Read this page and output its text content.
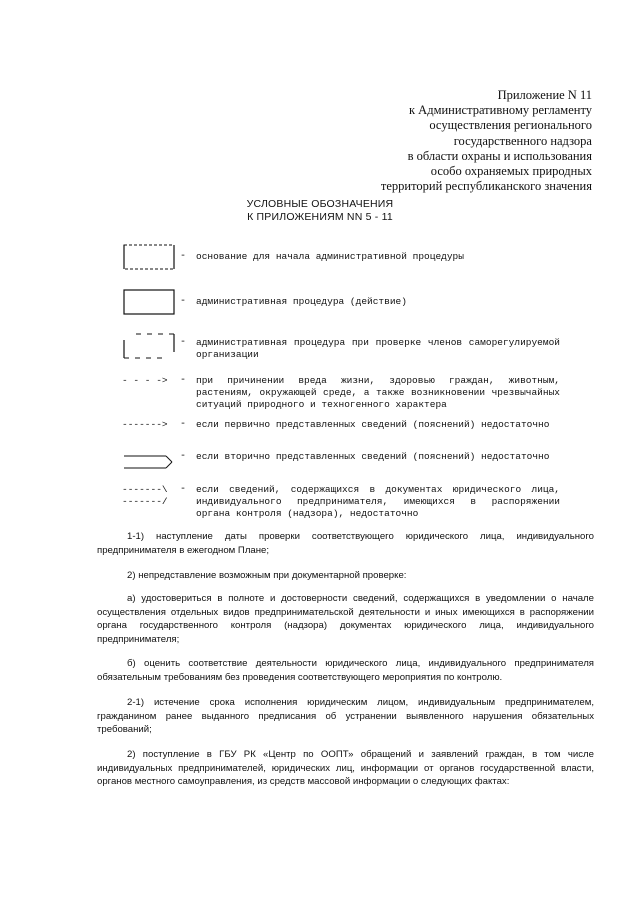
Приложение N 11
к Административному регламенту
осуществления регионального
государственного надзора
в области охраны и использования
особо охраняемых природных
территорий республиканского значения
УСЛОВНЫЕ ОБОЗНАЧЕНИЯ
К ПРИЛОЖЕНИЯМ NN 5 - 11
- основание для начала административной процедуры
- административная процедура (действие)
- административная процедура при проверке членов саморегулируемой организации
- - - -> - при причинении вреда жизни, здоровью граждан, животным, растениям, окружающей среде, а также возникновении чрезвычайных ситуаций природного и техногенного характера
-------> - если первично представленных сведений (пояснений) недостаточно
- если вторично представленных сведений (пояснений) недостаточно
-------\
-------/
- если сведений, содержащихся в документах юридического лица, индивидуального предпринимателя, имеющихся в распоряжении органа контроля (надзора), недостаточно
1-1) наступление даты проверки соответствующего юридического лица, индивидуального предпринимателя в ежегодном Плане;
2) непредставление возможным при документарной проверке:
а) удостовериться в полноте и достоверности сведений, содержащихся в уведомлении о начале осуществления отдельных видов предпринимательской деятельности и иных имеющихся в распоряжении органа государственного контроля (надзора) документах юридического лица, индивидуального предпринимателя;
б) оценить соответствие деятельности юридического лица, индивидуального предпринимателя обязательным требованиям без проведения соответствующего мероприятия по контролю.
2-1) истечение срока исполнения юридическим лицом, индивидуальным предпринимателем, гражданином ранее выданного предписания об устранении выявленного нарушения обязательных требований;
2) поступление в ГБУ РК «Центр по ООПТ» обращений и заявлений граждан, в том числе индивидуальных предпринимателей, юридических лиц, информации от органов государственной власти, органов местного самоуправления, из средств массовой информации о следующих фактах:
